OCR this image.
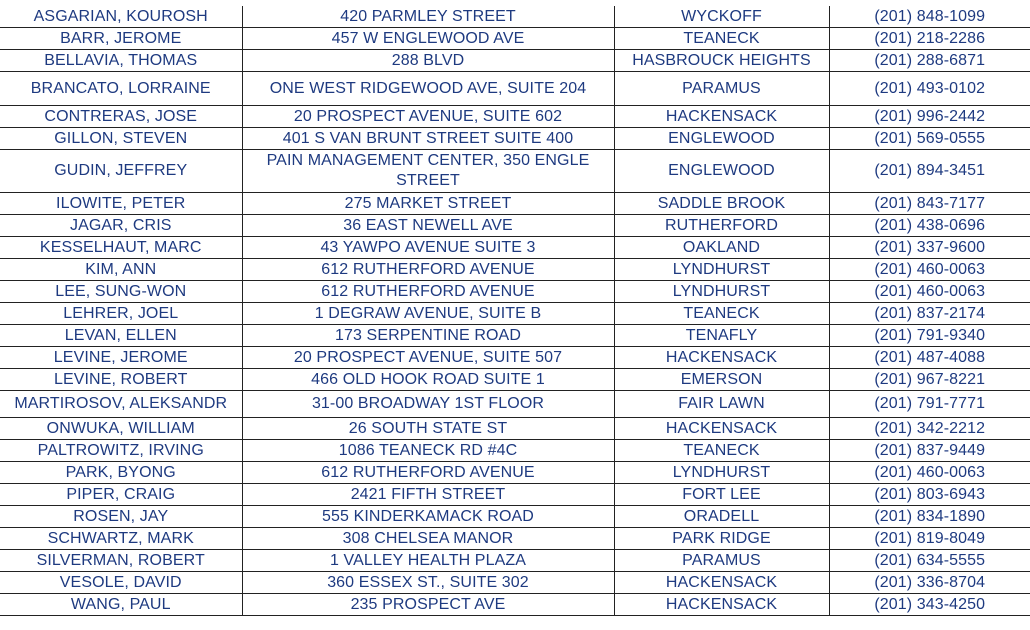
ASGARIAN, KOUROSH	420 PARMLEY STREET	WYCKOFF	(201) 848-1099
BARR, JEROME	457 W ENGLEWOOD AVE	TEANECK	(201) 218-2286
BELLAVIA, THOMAS	288 BLVD	HASBROUCK HEIGHTS	(201) 288-6871
BRANCATO, LORRAINE	ONE WEST RIDGEWOOD AVE, SUITE 204	PARAMUS	(201) 493-0102
CONTRERAS, JOSE	20 PROSPECT AVENUE, SUITE 602	HACKENSACK	(201) 996-2442
GILLON, STEVEN	401 S VAN BRUNT STREET SUITE 400	ENGLEWOOD	(201) 569-0555
GUDIN, JEFFREY	PAIN MANAGEMENT CENTER, 350 ENGLE STREET	ENGLEWOOD	(201) 894-3451
ILOWITE, PETER	275 MARKET STREET	SADDLE BROOK	(201) 843-7177
JAGAR, CRIS	36 EAST NEWELL AVE	RUTHERFORD	(201) 438-0696
KESSELHAUT, MARC	43 YAWPO AVENUE SUITE 3	OAKLAND	(201) 337-9600
KIM, ANN	612 RUTHERFORD AVENUE	LYNDHURST	(201) 460-0063
LEE, SUNG-WON	612 RUTHERFORD AVENUE	LYNDHURST	(201) 460-0063
LEHRER, JOEL	1 DEGRAW AVENUE, SUITE B	TEANECK	(201) 837-2174
LEVAN, ELLEN	173 SERPENTINE ROAD	TENAFLY	(201) 791-9340
LEVINE, JEROME	20 PROSPECT AVENUE, SUITE 507	HACKENSACK	(201) 487-4088
LEVINE, ROBERT	466 OLD HOOK ROAD SUITE 1	EMERSON	(201) 967-8221
MARTIROSOV, ALEKSANDR	31-00 BROADWAY 1ST FLOOR	FAIR LAWN	(201) 791-7771
ONWUKA, WILLIAM	26 SOUTH STATE ST	HACKENSACK	(201) 342-2212
PALTROWITZ, IRVING	1086 TEANECK RD #4C	TEANECK	(201) 837-9449
PARK, BYONG	612 RUTHERFORD AVENUE	LYNDHURST	(201) 460-0063
PIPER, CRAIG	2421 FIFTH STREET	FORT LEE	(201) 803-6943
ROSEN, JAY	555 KINDERKAMACK ROAD	ORADELL	(201) 834-1890
SCHWARTZ, MARK	308 CHELSEA MANOR	PARK RIDGE	(201) 819-8049
SILVERMAN, ROBERT	1 VALLEY HEALTH PLAZA	PARAMUS	(201) 634-5555
VESOLE, DAVID	360 ESSEX ST., SUITE 302	HACKENSACK	(201) 336-8704
WANG, PAUL	235 PROSPECT AVE	HACKENSACK	(201) 343-4250
